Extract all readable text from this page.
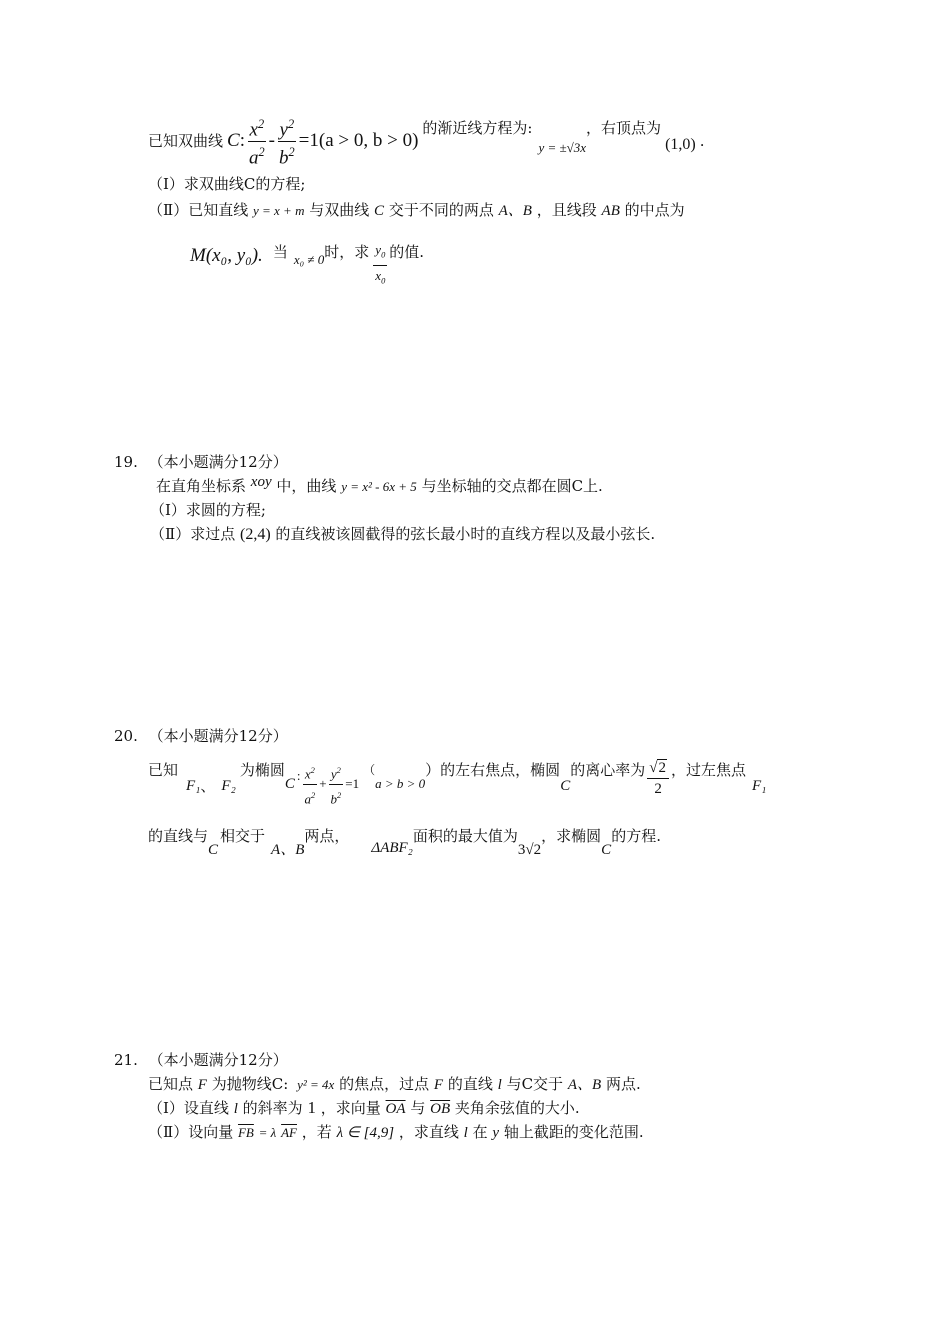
已知双曲线 C : $\frac{x^2}{a^2} - \frac{y^2}{b^2} =1(a > 0$, b > 0)
的渐近线方程为:
y = ±√3x
，右顶点为
(1,0) .
（Ⅰ）求双曲线C的方程;
（Ⅱ）已知直线 y = x + m 与双曲线 C 交于不同的两点 A、B ，且线段 AB 的中点为
M(x₀, y₀). 当 x₀ ≠ 0 时，求 $\frac{y_0}{x_0}$ 的值.
19. （本小题满分12分）
在直角坐标系 xoy 中，曲线 y = x² - 6x + 5 与坐标轴的交点都在圆C上.
（Ⅰ）求圆的方程;
（Ⅱ）求过点 (2,4) 的直线被该圆截得的弦长最小时的直线方程以及最小弦长.
20. （本小题满分12分）
已知
F₁ 、 F₂
为椭圆
C
: $\frac{x^2}{a^2} + \frac{y^2}{b^2} =1$
（
a > b > 0
） 的左右焦点，椭圆
C
的离心率为 $\frac{√2}{2}$ ，过左焦点
F₁
的直线与
C
相交于
A、B
两点，
ΔABF₂
面积的最大值为
3√2
，求椭圆
C
的方程.
21. （本小题满分12分）
已知点 F 为抛物线C: y² = 4x 的焦点，过点 F 的直线 l 与C交于 A、B 两点.
（Ⅰ）设直线 l 的斜率为 1 ，求向量 $\overline{OA}$ 与 $\overline{OB}$ 夹角余弦值的大小.
（Ⅱ）设向量 $\overline{FB} = \lambda$ $\overline{AF}$ ，若 λ ∈ [4,9] ，求直线 l 在 y 轴上截距的变化范围.
